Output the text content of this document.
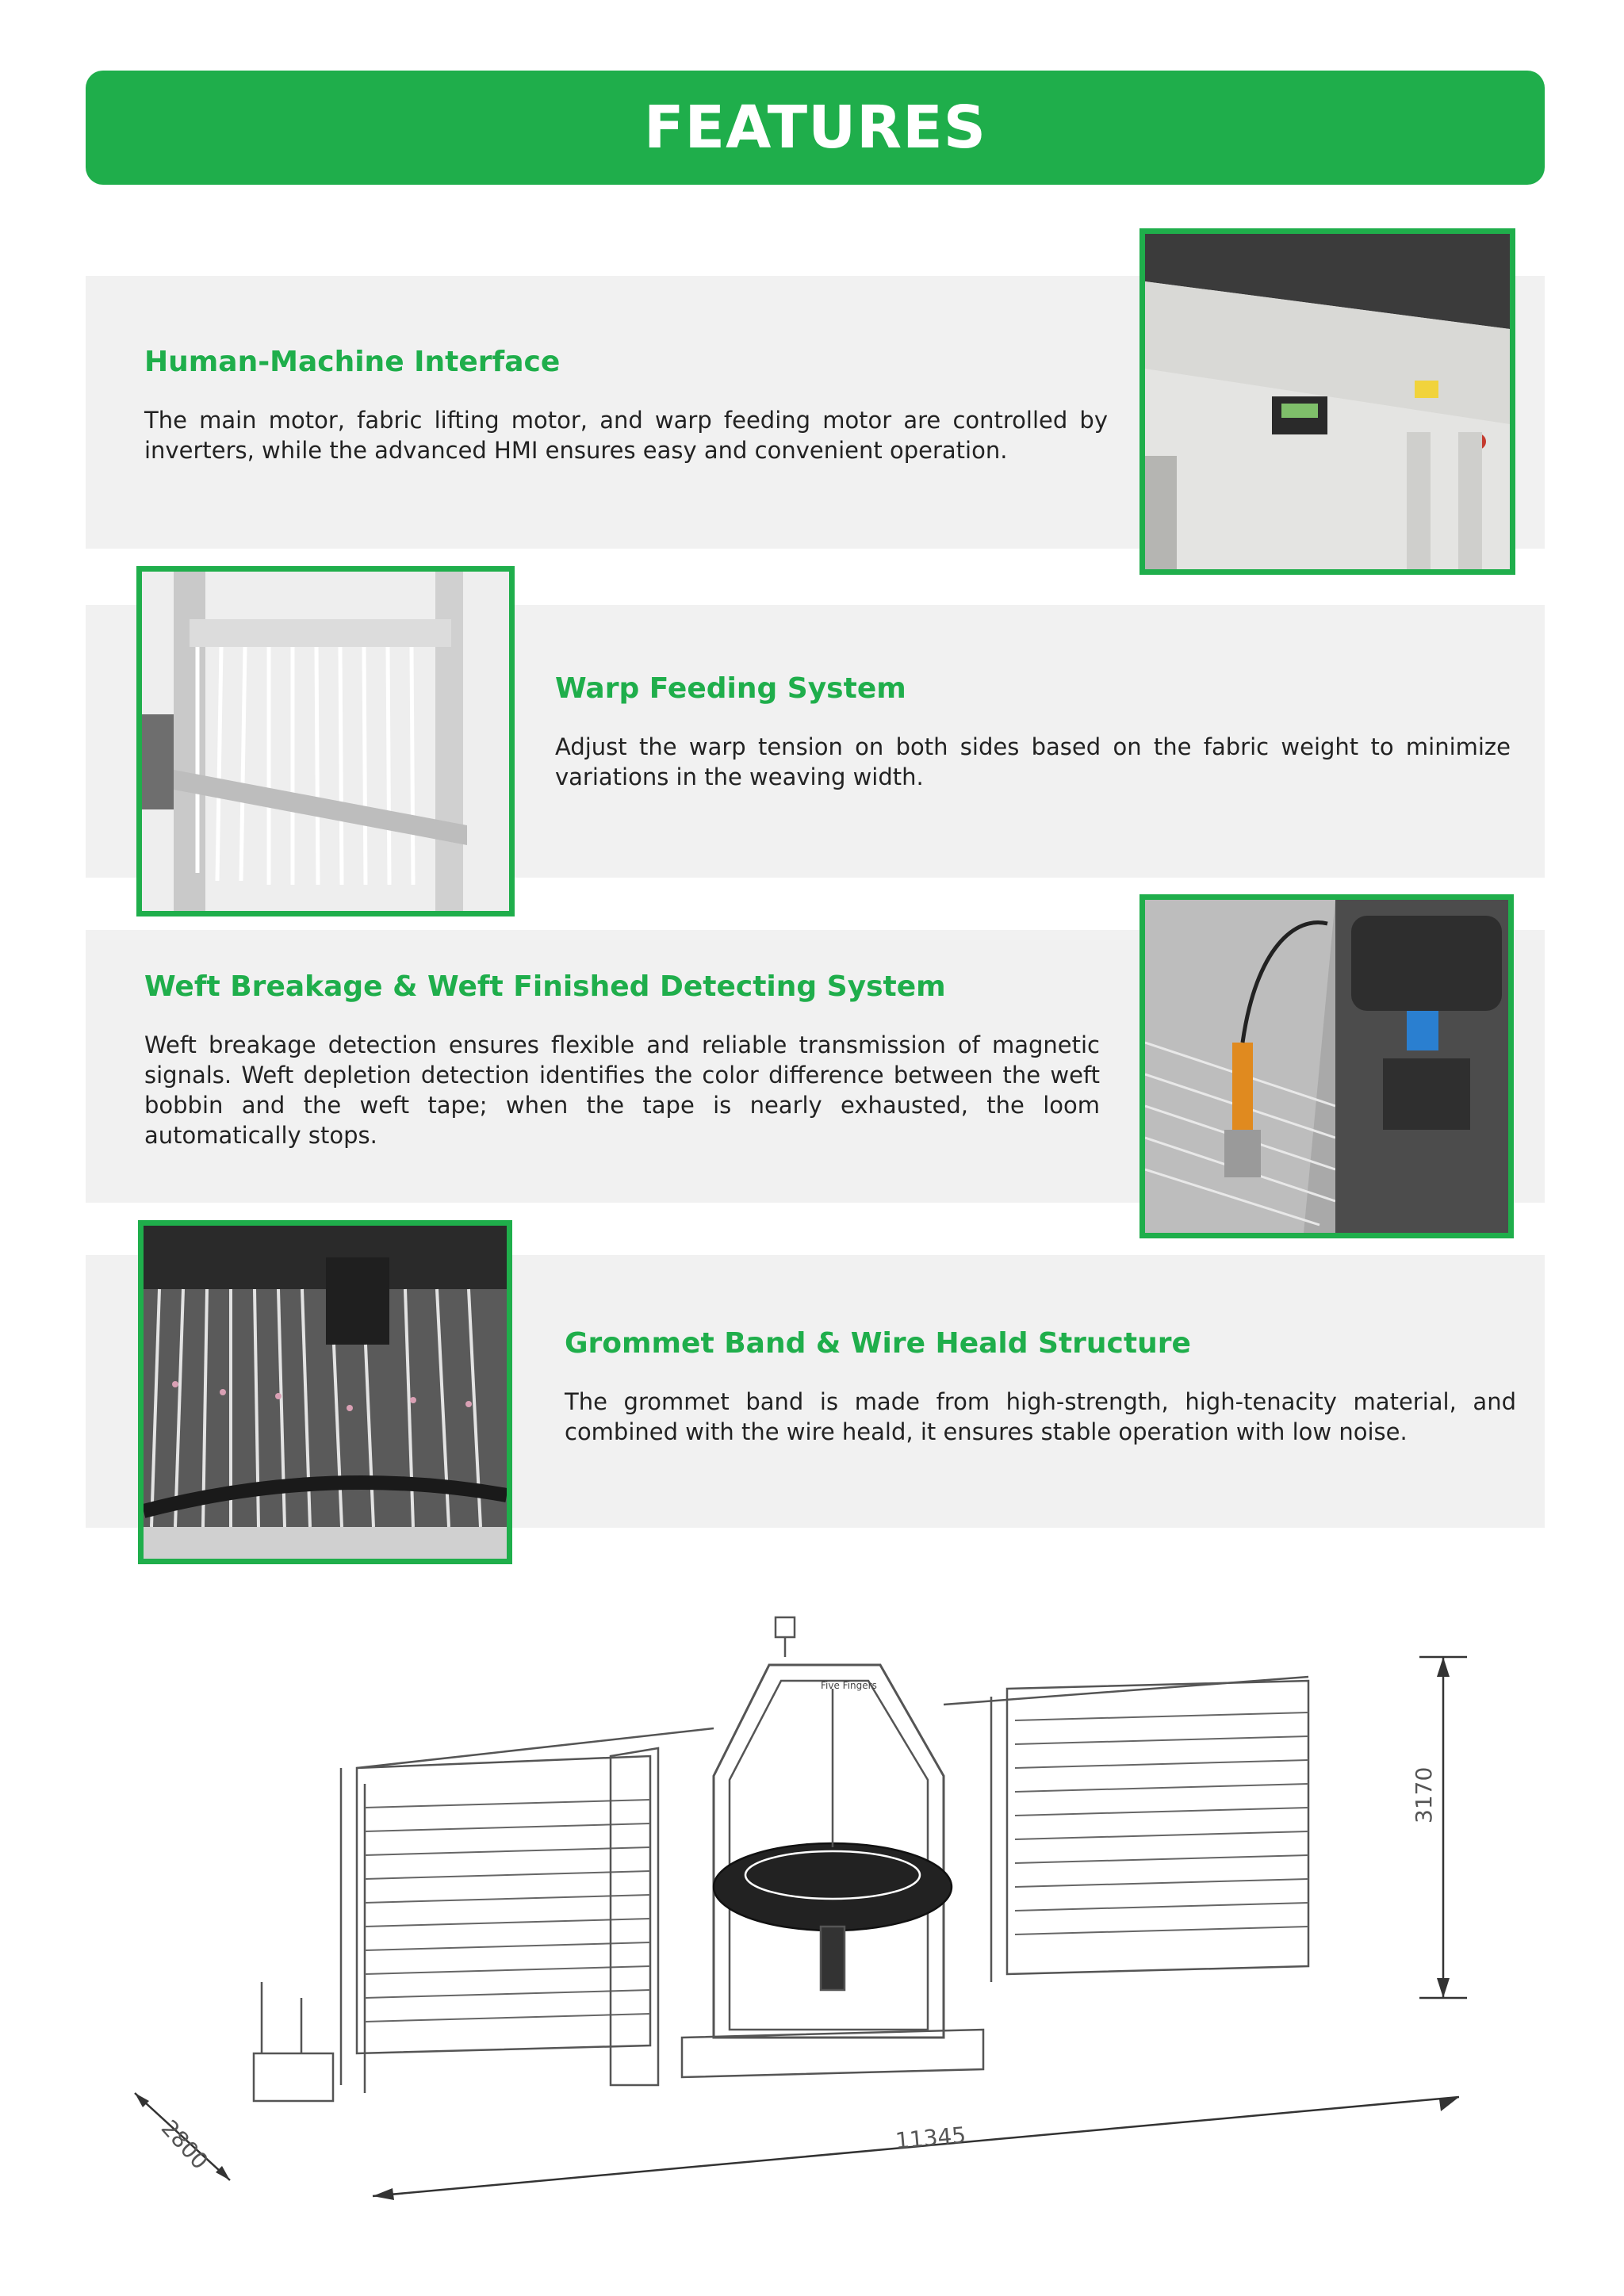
FEATURES
Human-Machine Interface

The main motor, fabric lifting motor, and warp feeding motor are controlled by inverters, while the advanced HMI ensures easy and convenient operation.

Warp Feeding System

Adjust the warp tension on both sides based on the fabric weight to minimize variations in the weaving width.

Weft Breakage & Weft Finished Detecting System

Weft breakage detection ensures flexible and reliable transmission of magnetic signals. Weft depletion detection identifies the color difference between the weft bobbin and the weft tape; when the tape is nearly exhausted, the loom automatically stops.

Grommet Band & Wire Heald Structure

The grommet band is made from high-strength, high-tenacity material, and combined with the wire heald, it ensures stable operation with low noise.

3170
11345
2800
Five Fingers
